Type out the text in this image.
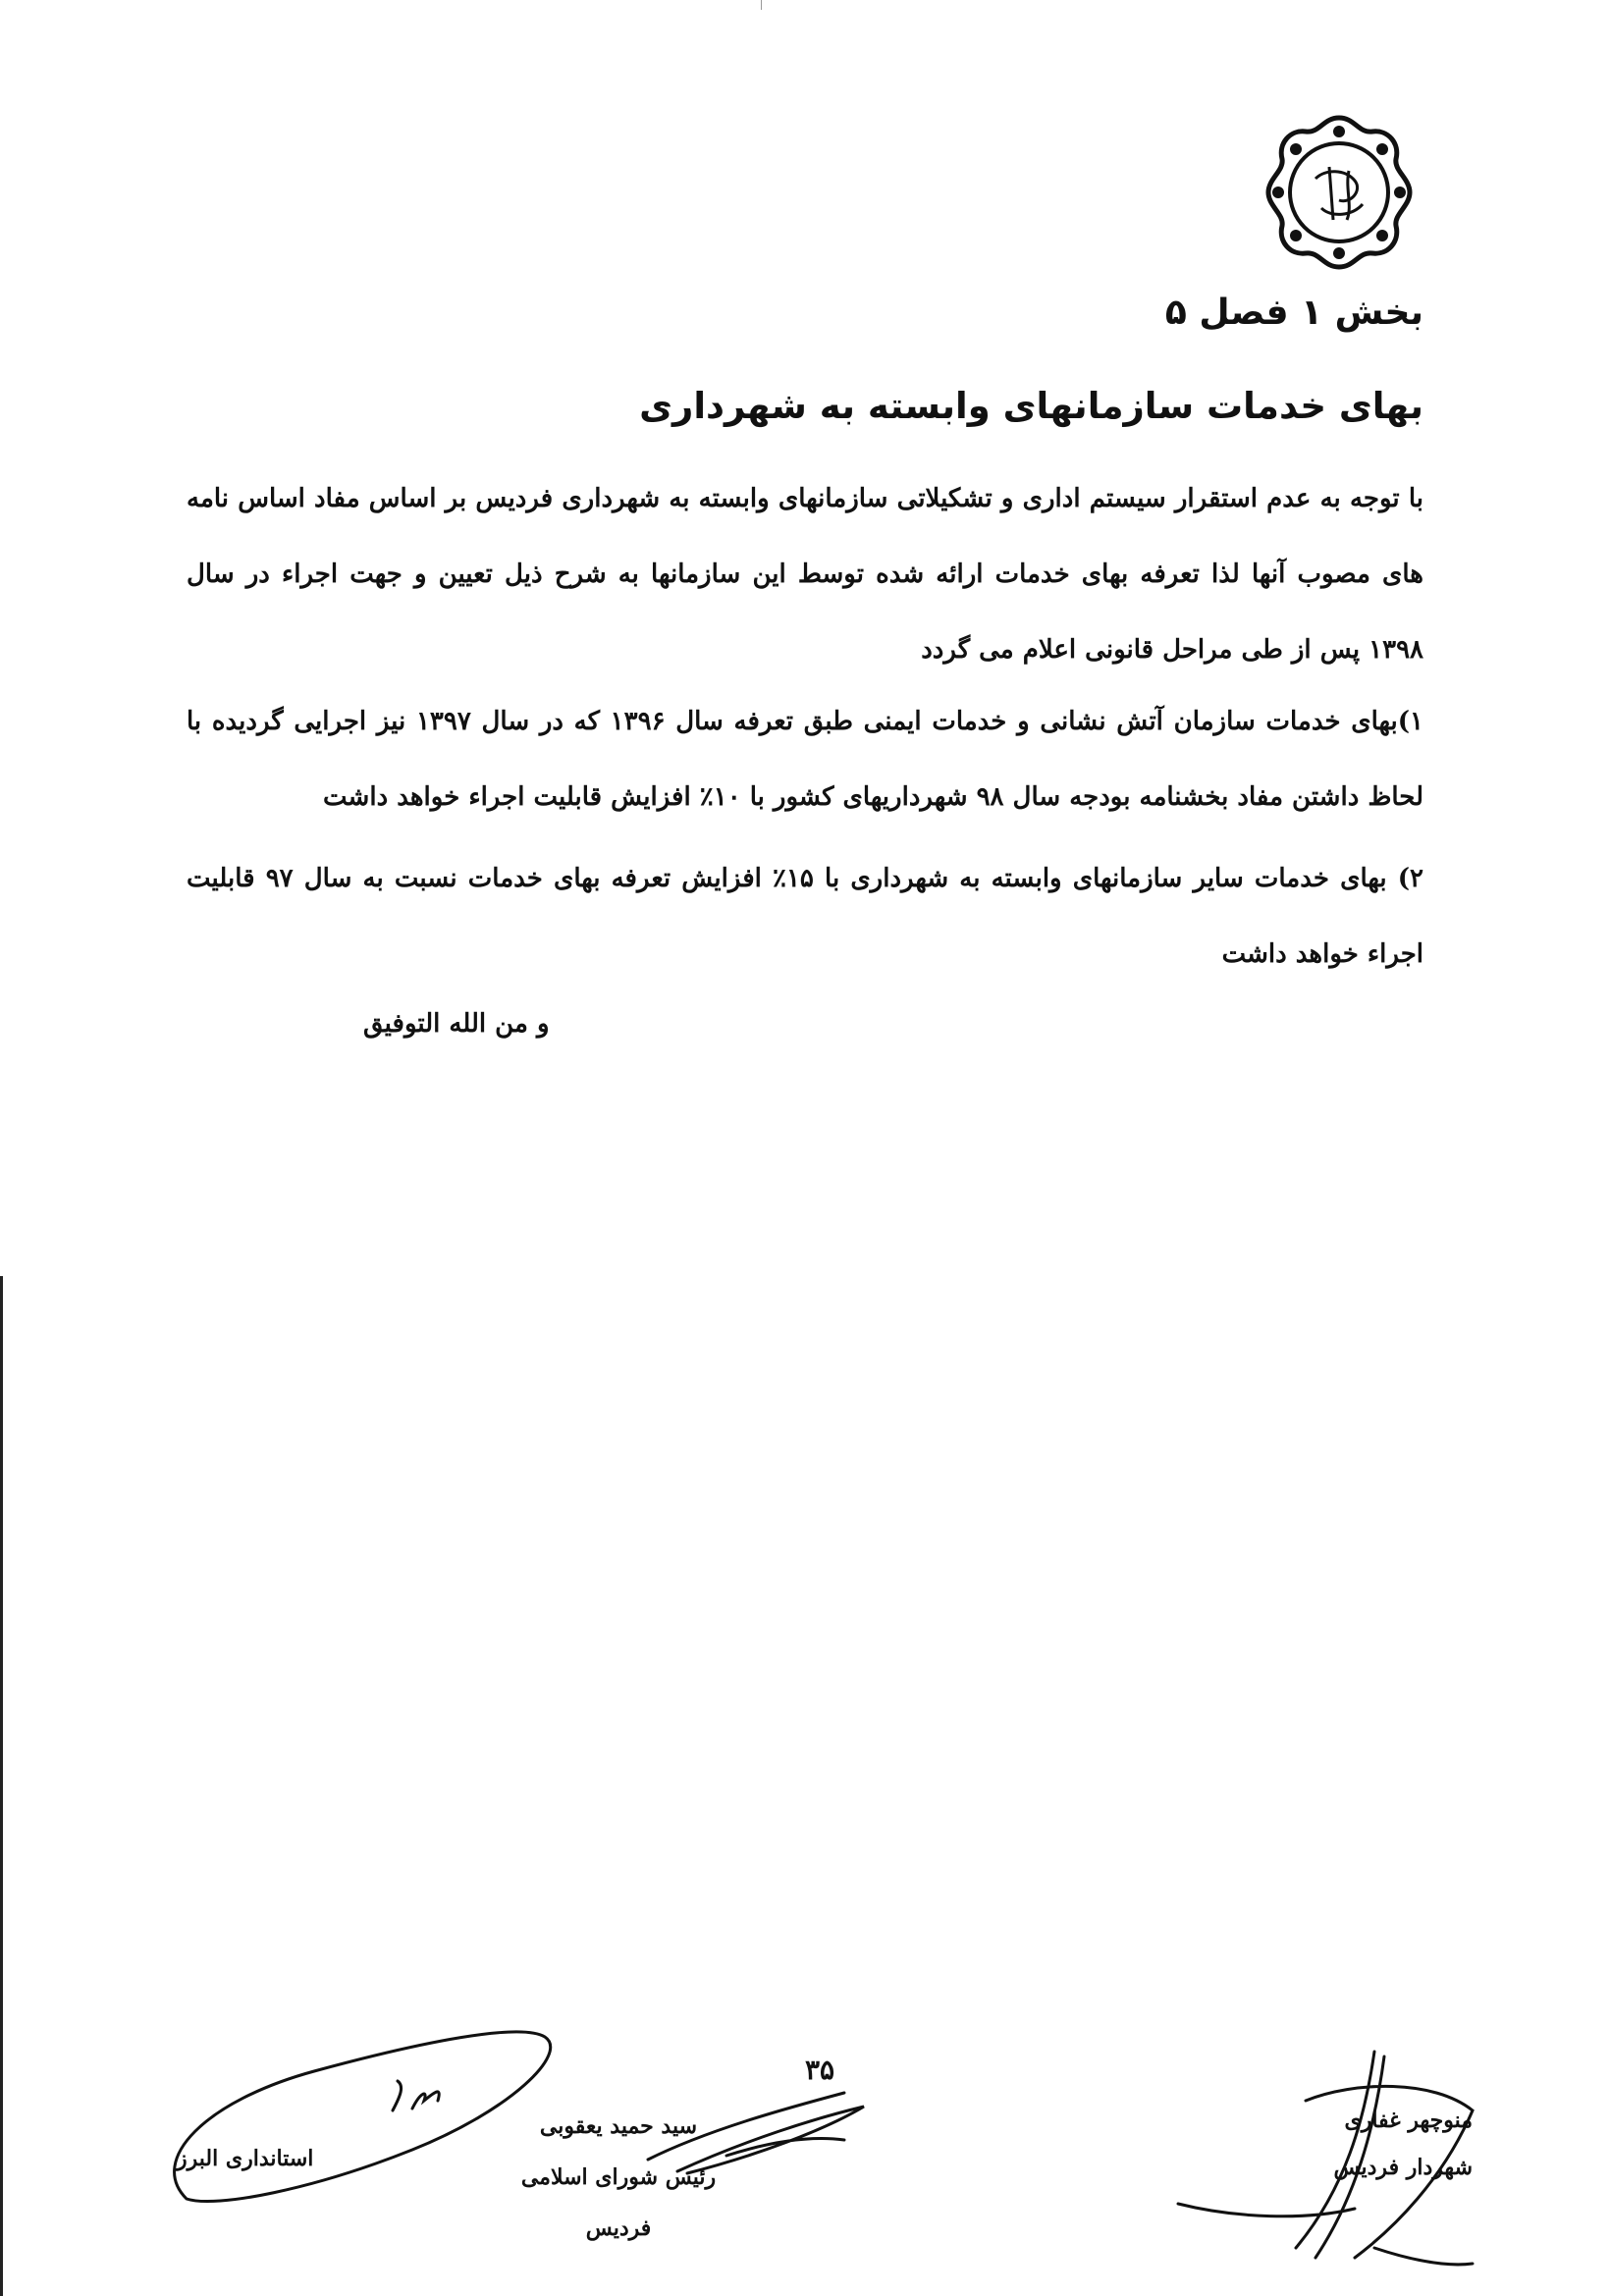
بخش ۱ فصل ۵
بهای خدمات سازمانهای وابسته به شهرداری
با توجه به عدم استقرار سیستم اداری و تشکیلاتی سازمانهای وابسته به شهرداری فردیس بر اساس مفاد اساس نامه های مصوب آنها لذا تعرفه بهای خدمات ارائه شده توسط این سازمانها به شرح ذیل تعیین و جهت اجراء در سال ۱۳۹۸ پس از طی مراحل قانونی اعلام می گردد
۱)بهای خدمات سازمان آتش نشانی و خدمات ایمنی طبق تعرفه سال ۱۳۹۶ که در سال ۱۳۹۷ نیز اجرایی گردیده با لحاظ داشتن مفاد بخشنامه بودجه سال ۹۸ شهرداریهای کشور با ۱۰٪ افزایش قابلیت اجراء خواهد داشت
۲) بهای خدمات سایر سازمانهای وابسته به شهرداری با ۱۵٪ افزایش تعرفه بهای خدمات نسبت به سال ۹۷ قابلیت اجراء خواهد داشت
و من الله التوفیق
۳۵
منوچهر غفاری
شهردار فردیس
سید حمید یعقوبی
رئیس شورای اسلامی فردیس
استانداری البرز
